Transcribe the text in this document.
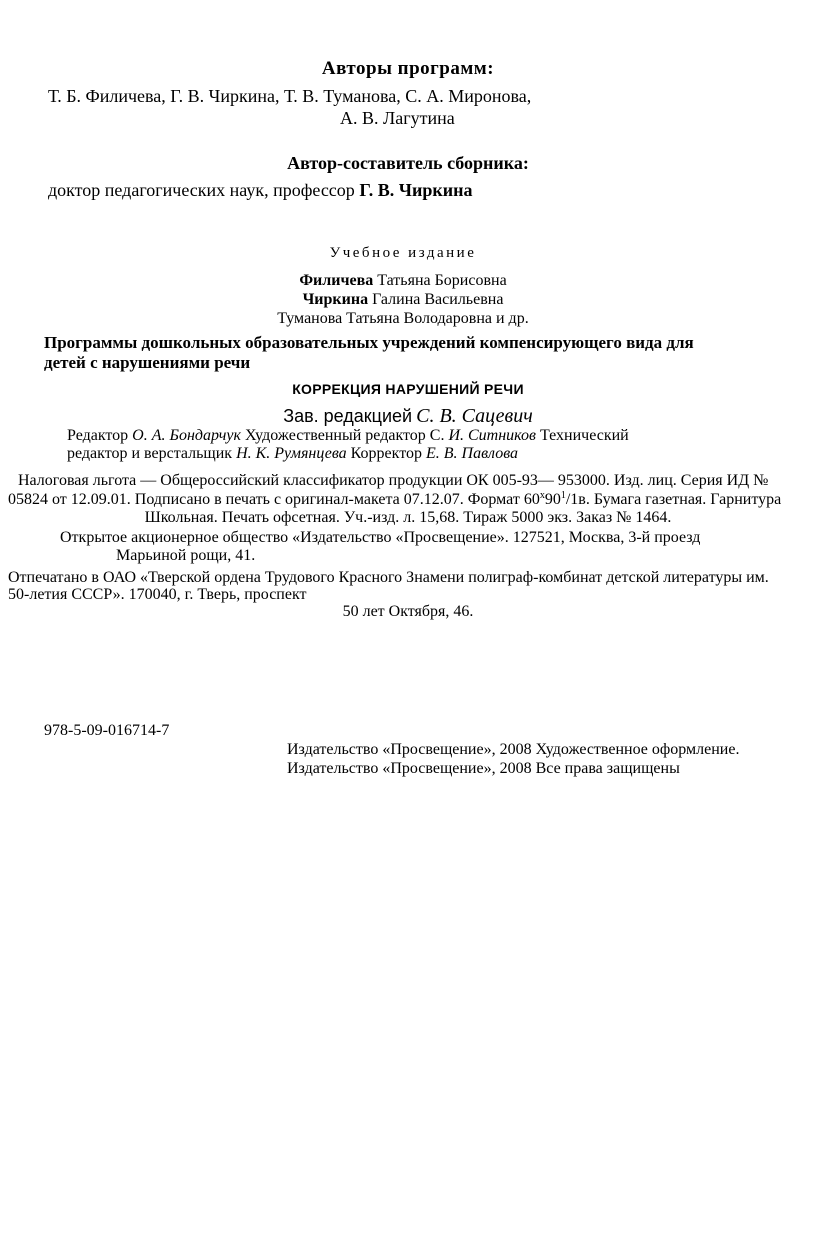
Авторы программ:
Т. Б. Филичева, Г. В. Чиркина, Т. В. Туманова, С. А. Миронова,
А. В. Лагутина
Автор-составитель сборника:
доктор педагогических наук, профессор Г. В. Чиркина
Учебное издание
Филичева Татьяна Борисовна
Чиркина Галина Васильевна
Туманова Татьяна Володаровна и др.
Программы дошкольных образовательных учреждений компенсирующего вида для
детей с нарушениями речи
КОРРЕКЦИЯ НАРУШЕНИЙ РЕЧИ
Зав. редакцией С. В. Сацевич
Редактор О. А. Бондарчук Художественный редактор С. И. Ситников Технический
редактор и верстальщик Н. К. Румянцева Корректор Е. В. Павлова
Налоговая льгота — Общероссийский классификатор продукции ОК 005-93— 953000. Изд. лиц. Серия ИД №
05824 от 12.09.01. Подписано в печать с оригинал-макета 07.12.07. Формат $60^х90^1/1в$. Бумага газетная. Гарнитура
Школьная. Печать офсетная. Уч.-изд. л. 15,68. Тираж 5000 экз. Заказ № 1464.
Открытое акционерное общество «Издательство «Просвещение». 127521, Москва, 3-й проезд
Марьиной рощи, 41.
Отпечатано в ОАО «Тверской ордена Трудового Красного Знамени полиграф-комбинат детской литературы им.
50-летия СССР». 170040, г. Тверь, проспект
50 лет Октября, 46.
978-5-09-016714-7
Издательство «Просвещение», 2008 Художественное оформление.
Издательство «Просвещение», 2008 Все права защищены
